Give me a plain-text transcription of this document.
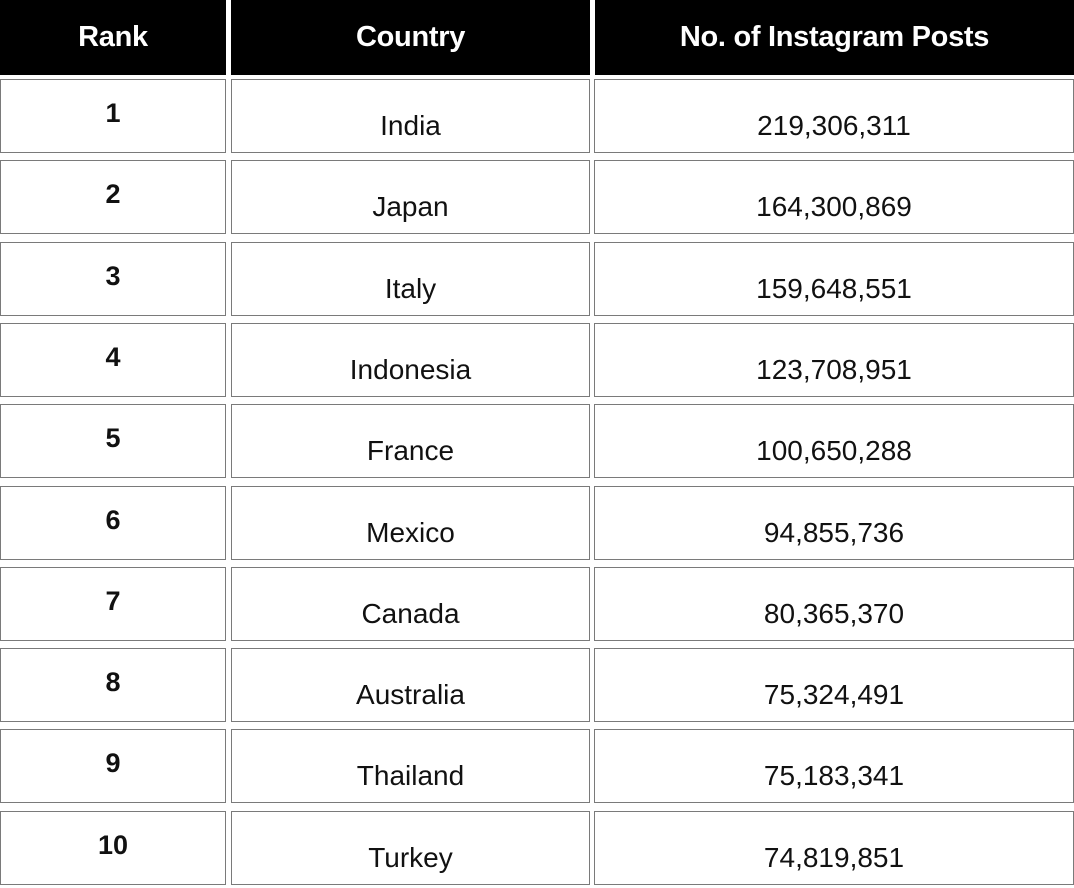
Rank	Country	No. of Instagram Posts
1	India	219,306,311
2	Japan	164,300,869
3	Italy	159,648,551
4	Indonesia	123,708,951
5	France	100,650,288
6	Mexico	94,855,736
7	Canada	80,365,370
8	Australia	75,324,491
9	Thailand	75,183,341
10	Turkey	74,819,851
